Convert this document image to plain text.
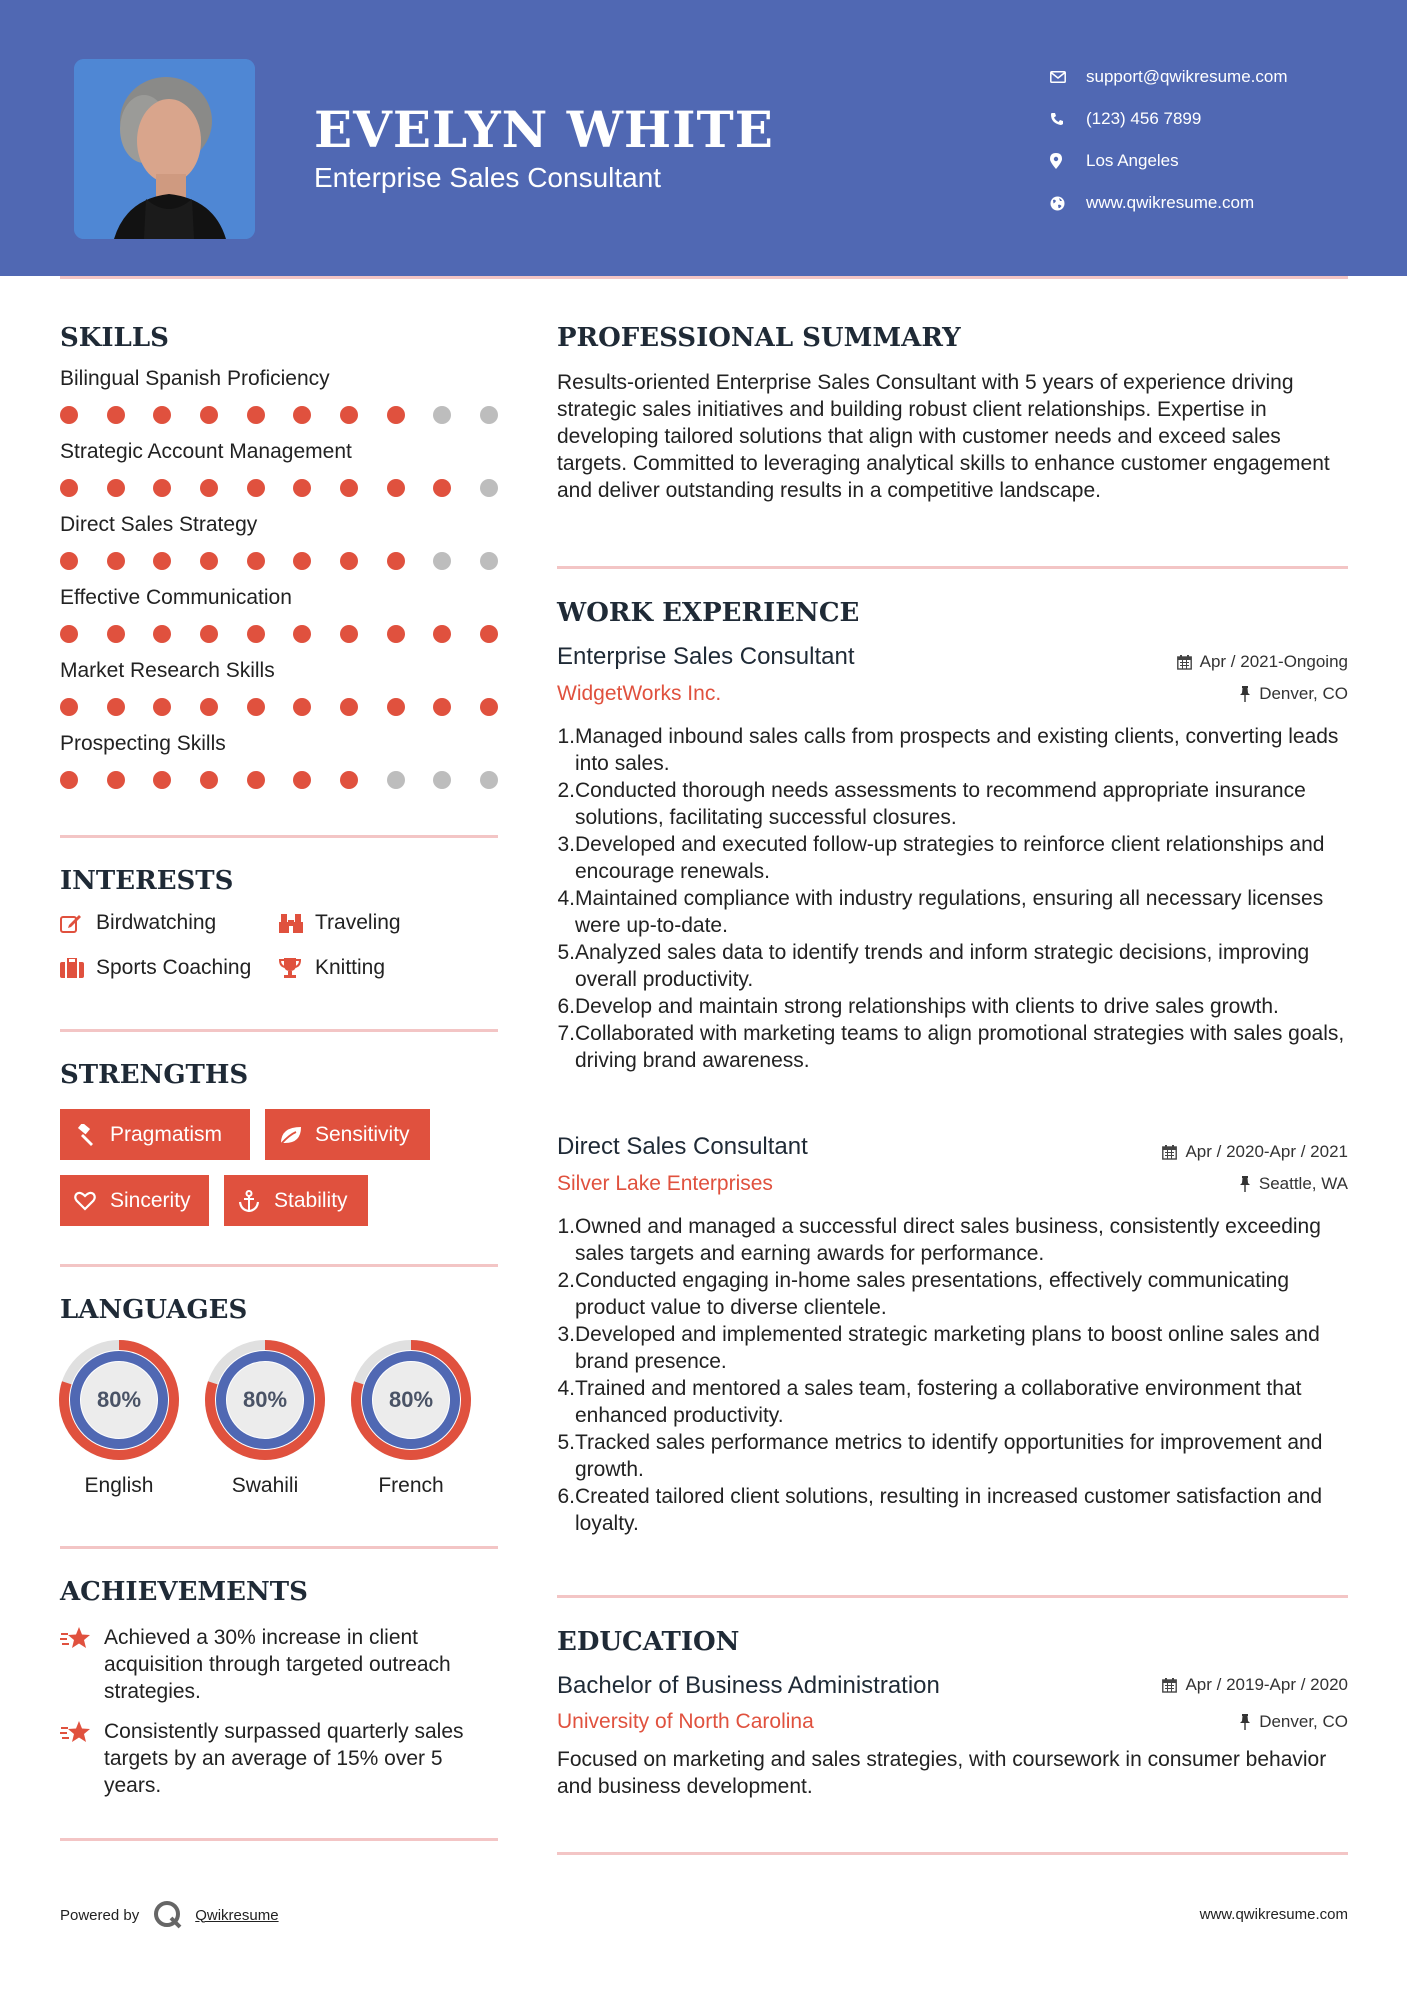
EVELYN WHITE
Enterprise Sales Consultant
support@qwikresume.com
(123) 456 7899
Los Angeles
www.qwikresume.com
SKILLS
Bilingual Spanish Proficiency
Strategic Account Management
Direct Sales Strategy
Effective Communication
Market Research Skills
Prospecting Skills
INTERESTS
Birdwatching	Traveling
Sports Coaching	Knitting
STRENGTHS
Pragmatism	Sensitivity
Sincerity	Stability
LANGUAGES
80%
English
80%
Swahili
80%
French
ACHIEVEMENTS
Achieved a 30% increase in client acquisition through targeted outreach strategies.
Consistently surpassed quarterly sales targets by an average of 15% over 5 years.
PROFESSIONAL SUMMARY
Results-oriented Enterprise Sales Consultant with 5 years of experience driving strategic sales initiatives and building robust client relationships. Expertise in developing tailored solutions that align with customer needs and exceed sales targets. Committed to leveraging analytical skills to enhance customer engagement and deliver outstanding results in a competitive landscape.
WORK EXPERIENCE
Enterprise Sales Consultant	Apr / 2021-Ongoing
WidgetWorks Inc.	Denver, CO
1. Managed inbound sales calls from prospects and existing clients, converting leads into sales.
2. Conducted thorough needs assessments to recommend appropriate insurance solutions, facilitating successful closures.
3. Developed and executed follow-up strategies to reinforce client relationships and encourage renewals.
4. Maintained compliance with industry regulations, ensuring all necessary licenses were up-to-date.
5. Analyzed sales data to identify trends and inform strategic decisions, improving overall productivity.
6. Develop and maintain strong relationships with clients to drive sales growth.
7. Collaborated with marketing teams to align promotional strategies with sales goals, driving brand awareness.
Direct Sales Consultant	Apr / 2020-Apr / 2021
Silver Lake Enterprises	Seattle, WA
1. Owned and managed a successful direct sales business, consistently exceeding sales targets and earning awards for performance.
2. Conducted engaging in-home sales presentations, effectively communicating product value to diverse clientele.
3. Developed and implemented strategic marketing plans to boost online sales and brand presence.
4. Trained and mentored a sales team, fostering a collaborative environment that enhanced productivity.
5. Tracked sales performance metrics to identify opportunities for improvement and growth.
6. Created tailored client solutions, resulting in increased customer satisfaction and loyalty.
EDUCATION
Bachelor of Business Administration	Apr / 2019-Apr / 2020
University of North Carolina	Denver, CO
Focused on marketing and sales strategies, with coursework in consumer behavior and business development.
Powered by	Qwikresume	www.qwikresume.com
